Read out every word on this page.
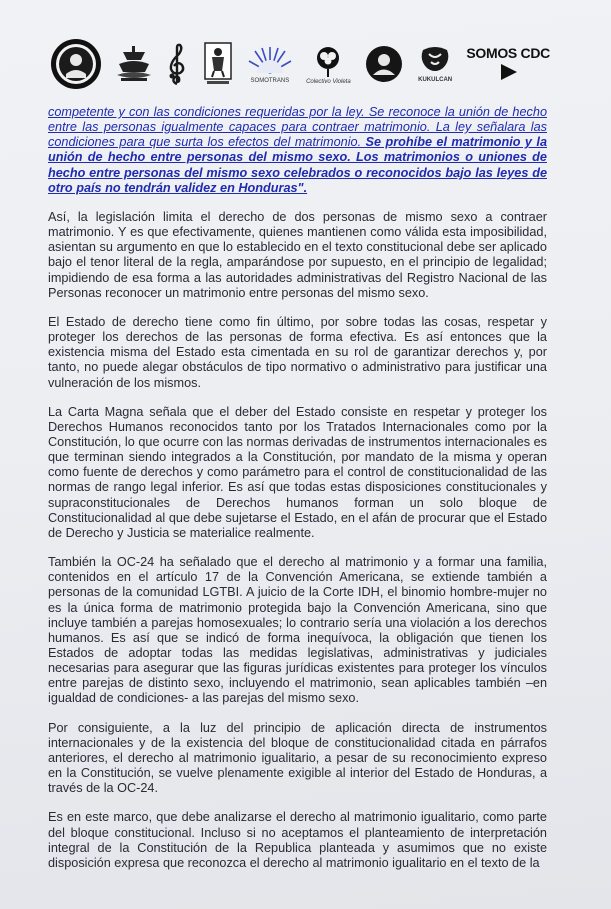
SOMOTRANS	Colectivo Violeta	KUKULCAN
SOMOS CDC

competente y con las condiciones requeridas por la ley. Se reconoce la unión de hecho entre las personas igualmente capaces para contraer matrimonio. La ley señalara las condiciones para que surta los efectos del matrimonio. Se prohíbe el matrimonio y la unión de hecho entre personas del mismo sexo. Los matrimonios o uniones de hecho entre personas del mismo sexo celebrados o reconocidos bajo las leyes de otro país no tendrán validez en Honduras".

Así, la legislación limita el derecho de dos personas de mismo sexo a contraer matrimonio. Y es que efectivamente, quienes mantienen como válida esta imposibilidad, asientan su argumento en que lo establecido en el texto constitucional debe ser aplicado bajo el tenor literal de la regla, amparándose por supuesto, en el principio de legalidad; impidiendo de esa forma a las autoridades administrativas del Registro Nacional de las Personas reconocer un matrimonio entre personas del mismo sexo.

El Estado de derecho tiene como fin último, por sobre todas las cosas, respetar y proteger los derechos de las personas de forma efectiva. Es así entonces que la existencia misma del Estado esta cimentada en su rol de garantizar derechos y, por tanto, no puede alegar obstáculos de tipo normativo o administrativo para justificar una vulneración de los mismos.

La Carta Magna señala que el deber del Estado consiste en respetar y proteger los Derechos Humanos reconocidos tanto por los Tratados Internacionales como por la Constitución, lo que ocurre con las normas derivadas de instrumentos internacionales es que terminan siendo integrados a la Constitución, por mandato de la misma y operan como fuente de derechos y como parámetro para el control de constitucionalidad de las normas de rango legal inferior. Es así que todas estas disposiciones constitucionales y supraconstitucionales de Derechos humanos forman un solo bloque de Constitucionalidad al que debe sujetarse el Estado, en el afán de procurar que el Estado de Derecho y Justicia se materialice realmente.

También la OC-24 ha señalado que el derecho al matrimonio y a formar una familia, contenidos en el artículo 17 de la Convención Americana, se extiende también a personas de la comunidad LGTBI. A juicio de la Corte IDH, el binomio hombre-mujer no es la única forma de matrimonio protegida bajo la Convención Americana, sino que incluye también a parejas homosexuales; lo contrario sería una violación a los derechos humanos. Es así que se indicó de forma inequívoca, la obligación que tienen los Estados de adoptar todas las medidas legislativas, administrativas y judiciales necesarias para asegurar que las figuras jurídicas existentes para proteger los vínculos entre parejas de distinto sexo, incluyendo el matrimonio, sean aplicables también –en igualdad de condiciones- a las parejas del mismo sexo.

Por consiguiente, a la luz del principio de aplicación directa de instrumentos internacionales y de la existencia del bloque de constitucionalidad citada en párrafos anteriores, el derecho al matrimonio igualitario, a pesar de su reconocimiento expreso en la Constitución, se vuelve plenamente exigible al interior del Estado de Honduras, a través de la OC-24.

Es en este marco, que debe analizarse el derecho al matrimonio igualitario, como parte del bloque constitucional. Incluso si no aceptamos el planteamiento de interpretación integral de la Constitución de la Republica planteada y asumimos que no existe disposición expresa que reconozca el derecho al matrimonio igualitario en el texto de la
